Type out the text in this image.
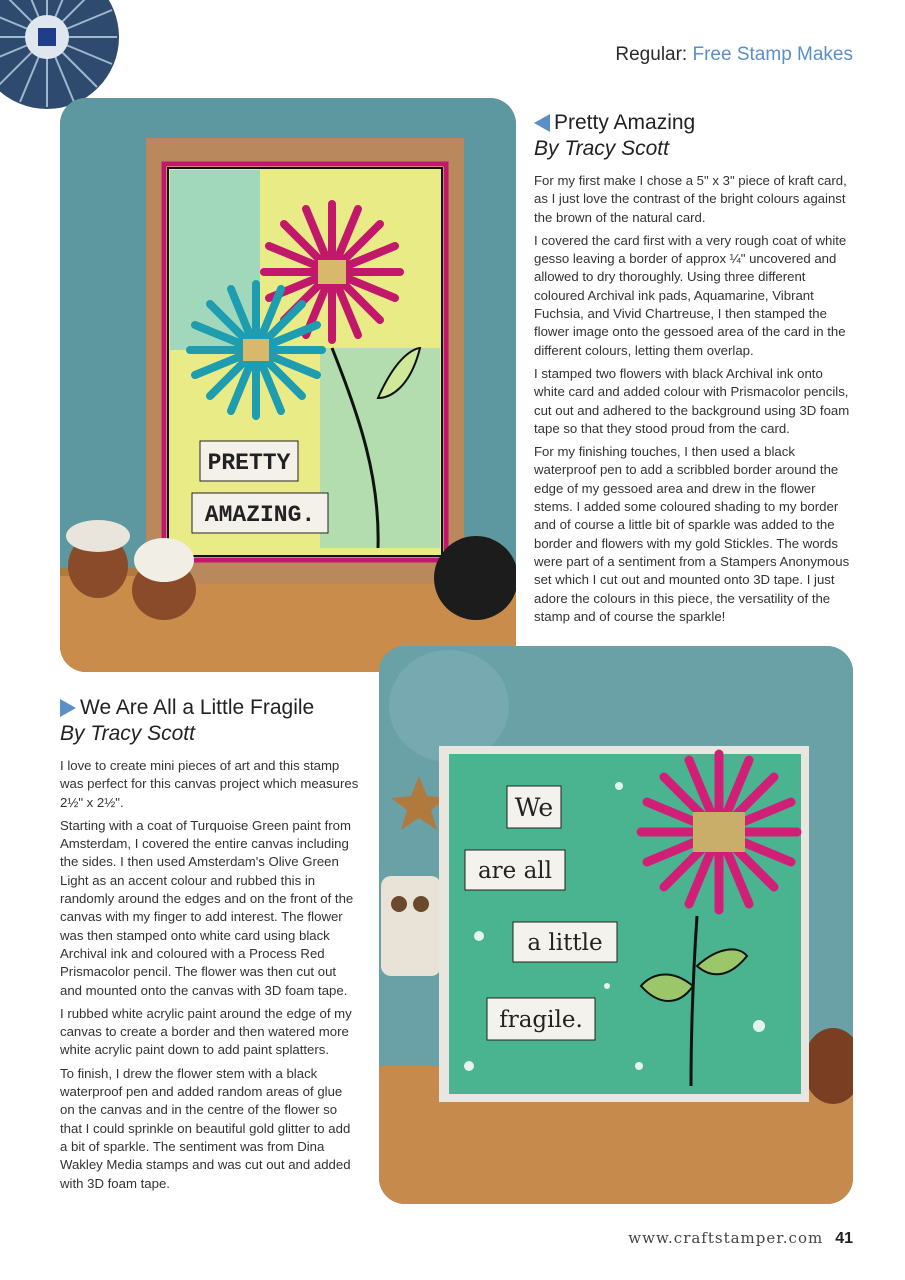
Regular: Free Stamp Makes
PRETTY
AMAZING.
Pretty Amazing
By Tracy Scott

For my first make I chose a 5" x 3" piece of kraft card, as I just love the contrast of the bright colours against the brown of the natural card.

I covered the card first with a very rough coat of white gesso leaving a border of approx ¼" uncovered and allowed to dry thoroughly. Using three different coloured Archival ink pads, Aquamarine, Vibrant Fuchsia, and Vivid Chartreuse, I then stamped the flower image onto the gessoed area of the card in the different colours, letting them overlap.

I stamped two flowers with black Archival ink onto white card and added colour with Prismacolor pencils, cut out and adhered to the background using 3D foam tape so that they stood proud from the card.

For my finishing touches, I then used a black waterproof pen to add a scribbled border around the edge of my gessoed area and drew in the flower stems. I added some coloured shading to my border and of course a little bit of sparkle was added to the border and flowers with my gold Stickles. The words were part of a sentiment from a Stampers Anonymous set which I cut out and mounted onto 3D tape. I just adore the colours in this piece, the versatility of the stamp and of course the sparkle!

We
are all
a little
fragile.
We Are All a Little Fragile
By Tracy Scott

I love to create mini pieces of art and this stamp was perfect for this canvas project which measures 2½" x 2½".

Starting with a coat of Turquoise Green paint from Amsterdam, I covered the entire canvas including the sides. I then used Amsterdam's Olive Green Light as an accent colour and rubbed this in randomly around the edges and on the front of the canvas with my finger to add interest. The flower was then stamped onto white card using black Archival ink and coloured with a Process Red Prismacolor pencil. The flower was then cut out and mounted onto the canvas with 3D foam tape.

I rubbed white acrylic paint around the edge of my canvas to create a border and then watered more white acrylic paint down to add paint splatters.

To finish, I drew the flower stem with a black waterproof pen and added random areas of glue on the canvas and in the centre of the flower so that I could sprinkle on beautiful gold glitter to add a bit of sparkle. The sentiment was from Dina Wakley Media stamps and was cut out and added with 3D foam tape.

www.craftstamper.com 41
